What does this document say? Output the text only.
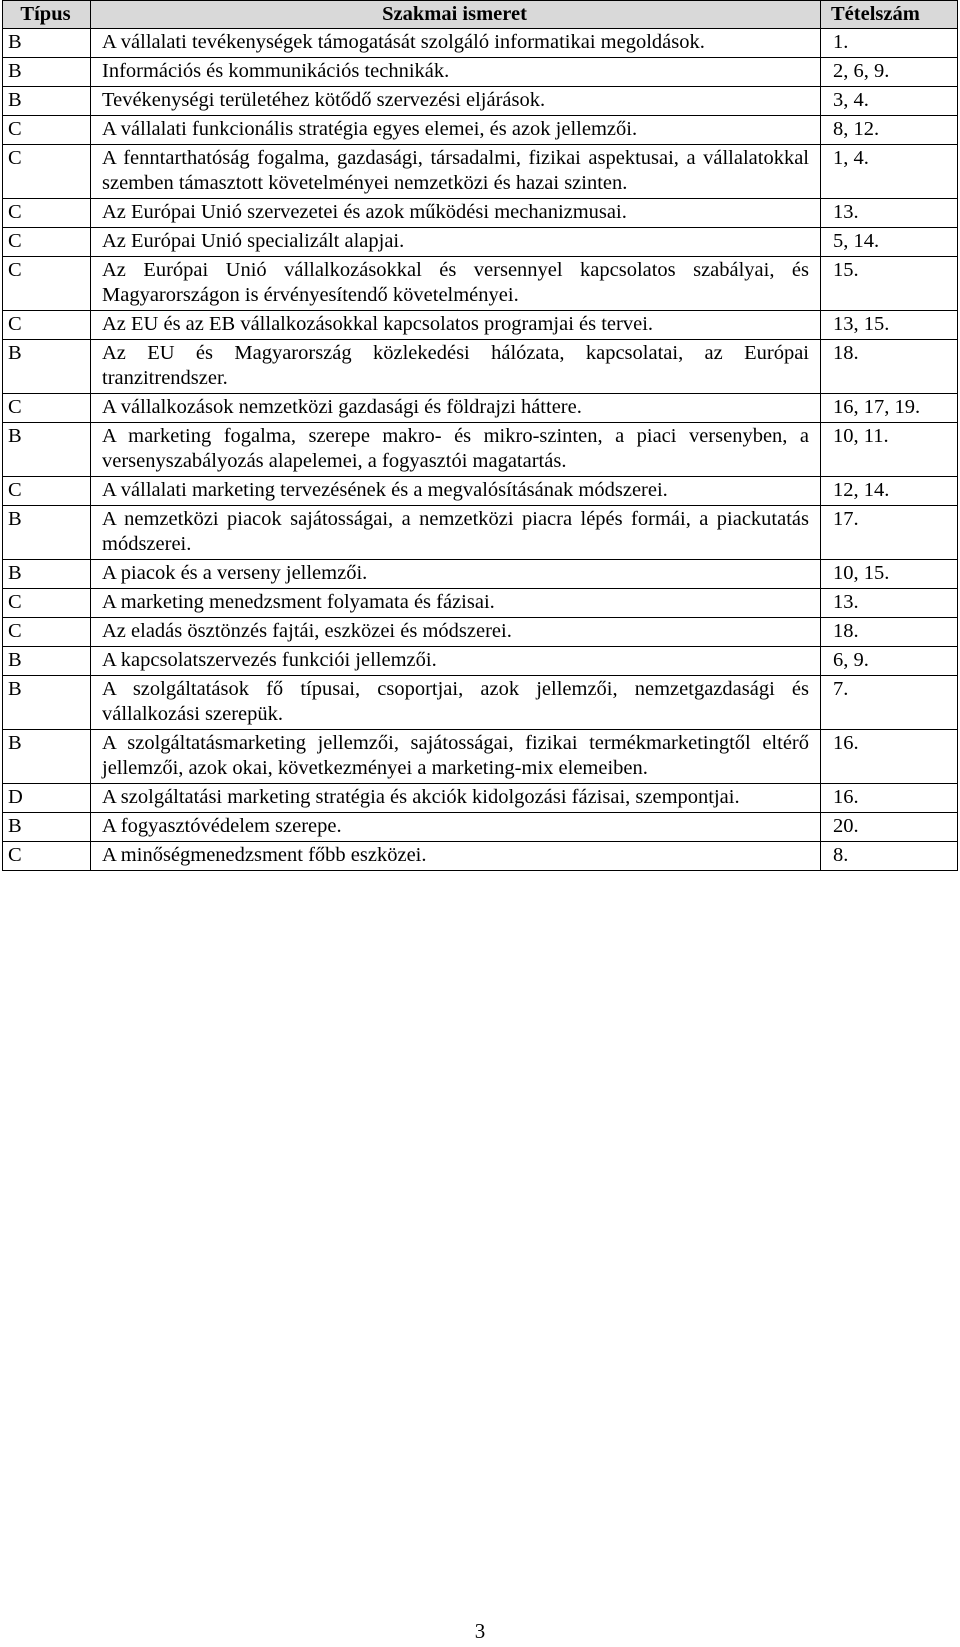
Típus	Szakmai ismeret	Tételszám
B	A vállalati tevékenységek támogatását szolgáló informatikai megoldások.	1.
B	Információs és kommunikációs technikák.	2, 6, 9.
B	Tevékenységi területéhez kötődő szervezési eljárások.	3, 4.
C	A vállalati funkcionális stratégia egyes elemei, és azok jellemzői.	8, 12.
C	A fenntarthatóság fogalma, gazdasági, társadalmi, fizikai aspektusai, a vállalatokkal szemben támasztott követelményei nemzetközi és hazai szinten.	1, 4.
C	Az Európai Unió szervezetei és azok működési mechanizmusai.	13.
C	Az Európai Unió specializált alapjai.	5, 14.
C	Az Európai Unió vállalkozásokkal és versennyel kapcsolatos szabályai, és Magyarországon is érvényesítendő követelményei.	15.
C	Az EU és az EB vállalkozásokkal kapcsolatos programjai és tervei.	13, 15.
B	Az EU és Magyarország közlekedési hálózata, kapcsolatai, az Európai tranzitrendszer.	18.
C	A vállalkozások nemzetközi gazdasági és földrajzi háttere.	16, 17, 19.
B	A marketing fogalma, szerepe makro- és mikro-szinten, a piaci versenyben, a versenyszabályozás alapelemei, a fogyasztói magatartás.	10, 11.
C	A vállalati marketing tervezésének és a megvalósításának módszerei.	12, 14.
B	A nemzetközi piacok sajátosságai, a nemzetközi piacra lépés formái, a piackutatás módszerei.	17.
B	A piacok és a verseny jellemzői.	10, 15.
C	A marketing menedzsment folyamata és fázisai.	13.
C	Az eladás ösztönzés fajtái, eszközei és módszerei.	18.
B	A kapcsolatszervezés funkciói jellemzői.	6, 9.
B	A szolgáltatások fő típusai, csoportjai, azok jellemzői, nemzetgazdasági és vállalkozási szerepük.	7.
B	A szolgáltatásmarketing jellemzői, sajátosságai, fizikai termékmarketingtől eltérő jellemzői, azok okai, következményei a marketing-mix elemeiben.	16.
D	A szolgáltatási marketing stratégia és akciók kidolgozási fázisai, szempontjai.	16.
B	A fogyasztóvédelem szerepe.	20.
C	A minőségmenedzsment főbb eszközei.	8.
3
